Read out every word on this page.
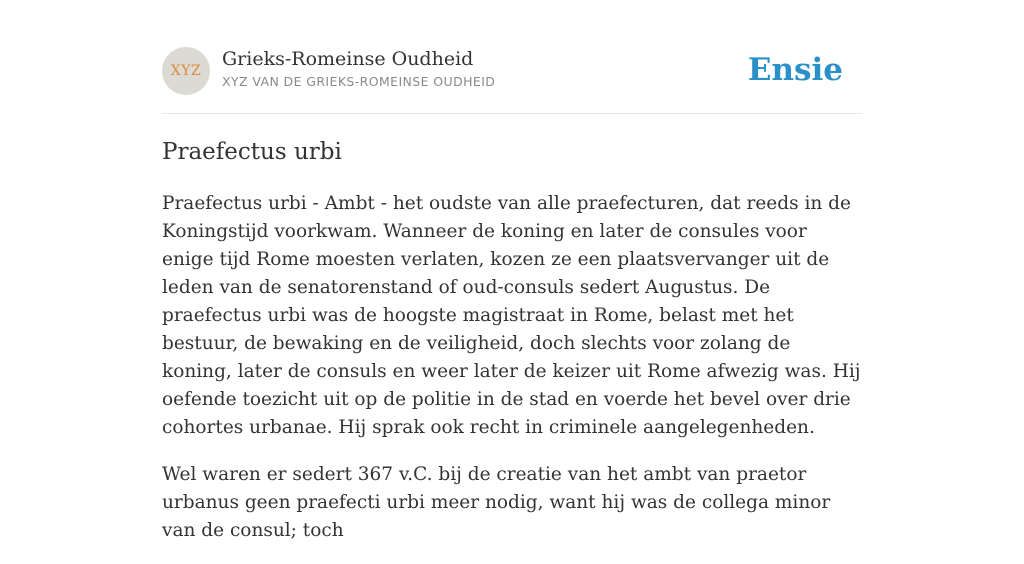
XYZ
Grieks-Romeinse Oudheid
XYZ VAN DE GRIEKS-ROMEINSE OUDHEID	Ensie
Praefectus urbi

Praefectus urbi - Ambt - het oudste van alle praefecturen, dat reeds in de Koningstijd voorkwam. Wanneer de koning en later de consules voor enige tijd Rome moesten verlaten, kozen ze een plaatsvervanger uit de leden van de senatorenstand of oud-consuls sedert Augustus. De praefectus urbi was de hoogste magistraat in Rome, belast met het bestuur, de bewaking en de veiligheid, doch slechts voor zolang de koning, later de consuls en weer later de keizer uit Rome afwezig was. Hij oefende toezicht uit op de politie in de stad en voerde het bevel over drie cohortes urbanae. Hij sprak ook recht in criminele aangelegenheden.

Wel waren er sedert 367 v.C. bij de creatie van het ambt van praetor urbanus geen praefecti urbi meer nodig, want hij was de collega minor van de consul; toch
